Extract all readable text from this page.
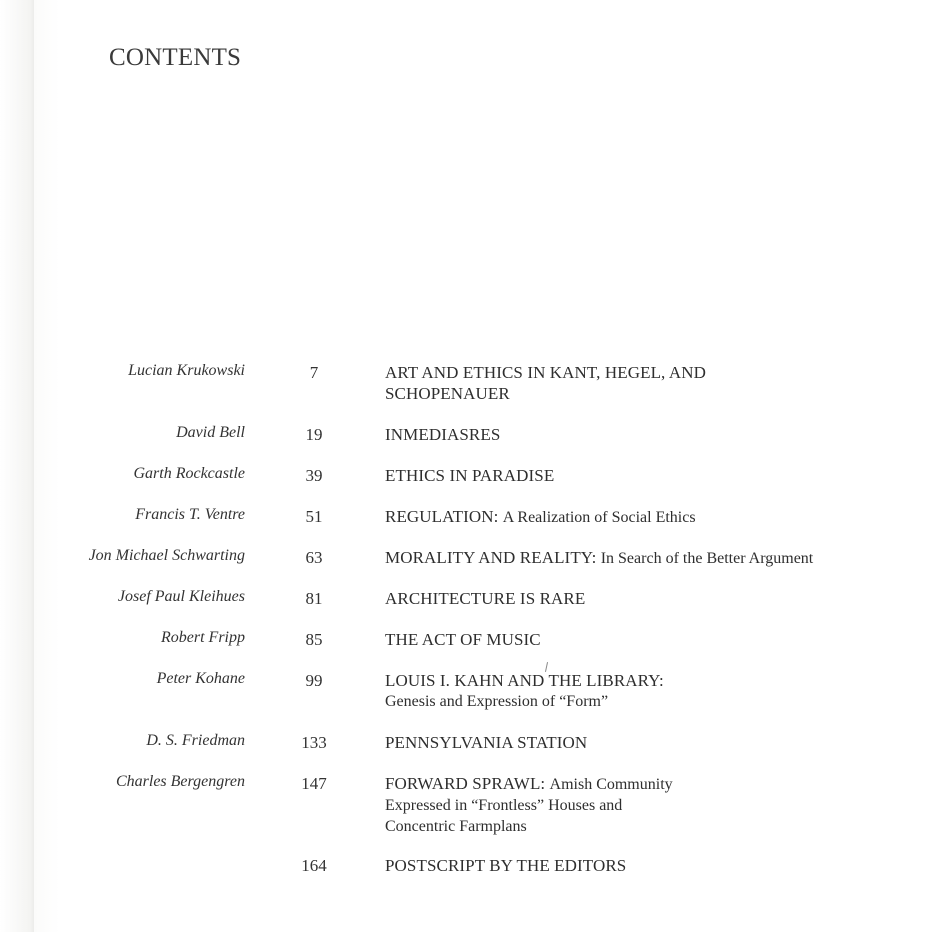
CONTENTS
Lucian Krukowski	7	ART AND ETHICS IN KANT, HEGEL, AND
SCHOPENAUER
David Bell	19	INMEDIASRES
Garth Rockcastle	39	ETHICS IN PARADISE
Francis T. Ventre	51	REGULATION: A Realization of Social Ethics
Jon Michael Schwarting	63	MORALITY AND REALITY: In Search of the Better Argument
Josef Paul Kleihues	81	ARCHITECTURE IS RARE
Robert Fripp	85	THE ACT OF MUSIC
Peter Kohane	99	LOUIS I. KAHN AND THE LIBRARY:
Genesis and Expression of “Form”
D. S. Friedman	133	PENNSYLVANIA STATION
Charles Bergengren	147	FORWARD SPRAWL: Amish Community
Expressed in “Frontless” Houses and
Concentric Farmplans
164	POSTSCRIPT BY THE EDITORS
